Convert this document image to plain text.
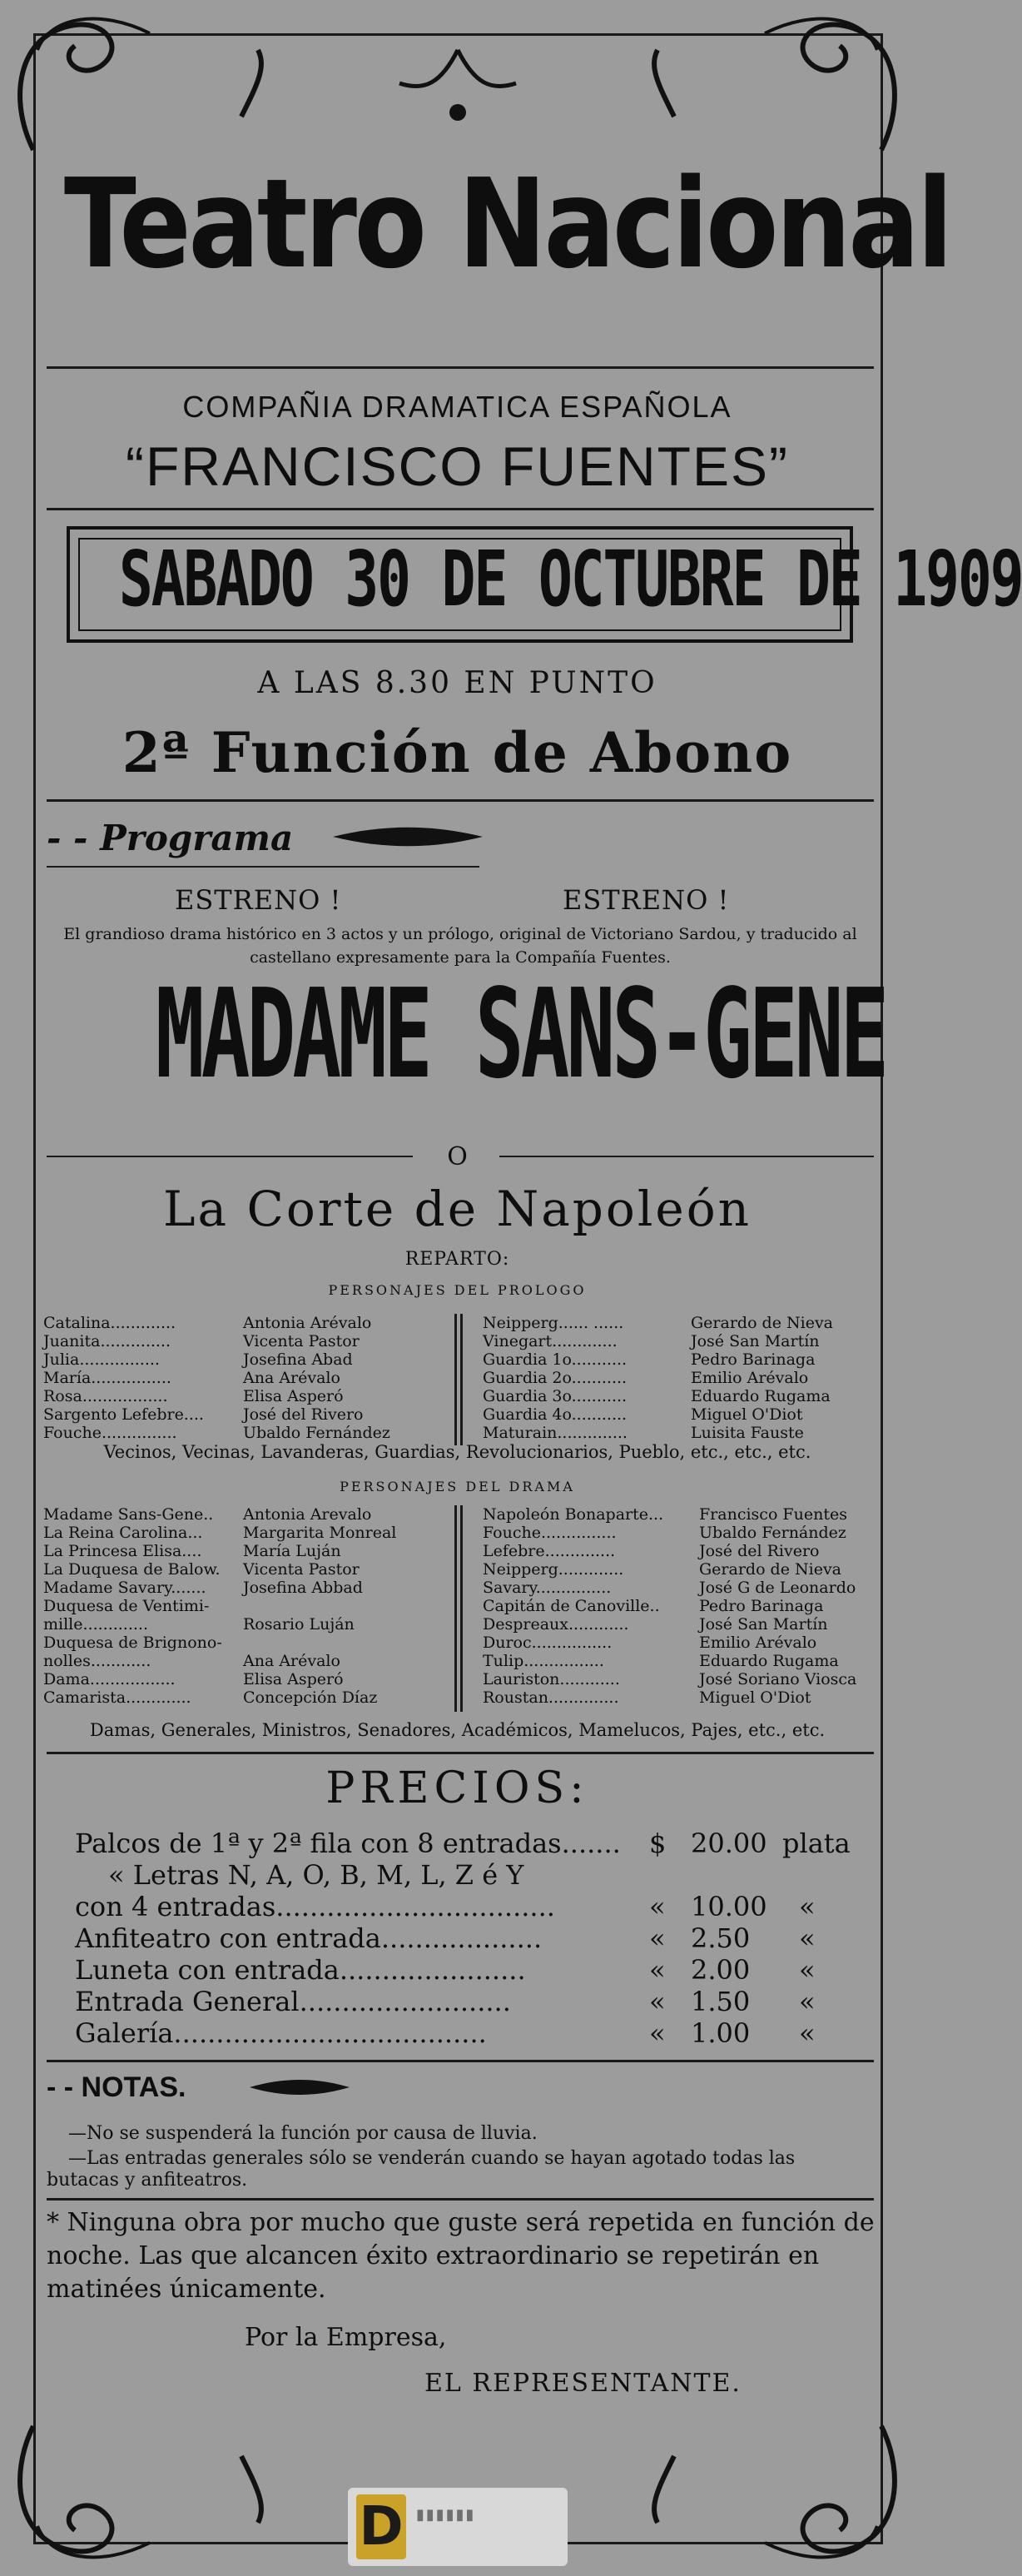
Teatro Nacional
COMPAÑIA DRAMATICA ESPAÑOLA
“FRANCISCO FUENTES”
SABADO 30 DE OCTUBRE DE 1909
A LAS 8.30 EN PUNTO
2ª Función de Abono
- - Programa
ESTRENO !	ESTRENO !
El grandioso drama histórico en 3 actos y un prólogo, original de Victoriano Sardou, y traducido al castellano expresamente para la Compañía Fuentes.
MADAME SANS-GENE
O
La Corte de Napoleón
REPARTO:
PERSONAJES DEL PROLOGO
Catalina.............	Antonia Arévalo
Juanita..............	Vicenta Pastor
Julia................	Josefina Abad
María................	Ana Arévalo
Rosa.................	Elisa Asperó
Sargento Lefebre....	José del Rivero
Fouche...............	Ubaldo Fernández
Neipperg...... ......	Gerardo de Nieva
Vinegart.............	José San Martín
Guardia 1o...........	Pedro Barinaga
Guardia 2o...........	Emilio Arévalo
Guardia 3o...........	Eduardo Rugama
Guardia 4o...........	Miguel O'Diot
Maturain..............	Luisita Fauste
Vecinos, Vecinas, Lavanderas, Guardias, Revolucionarios, Pueblo, etc., etc., etc.
PERSONAJES DEL DRAMA
Madame Sans-Gene..	Antonia Arevalo
La Reina Carolina...	Margarita Monreal
La Princesa Elisa....	María Luján
La Duquesa de Balow.	Vicenta Pastor
Madame Savary.......	Josefina Abbad
Duquesa de Ventimi-
mille.............	Rosario Luján
Duquesa de Brignono-
nolles............	Ana Arévalo
Dama.................	Elisa Asperó
Camarista.............	Concepción Díaz
Napoleón Bonaparte...	Francisco Fuentes
Fouche...............	Ubaldo Fernández
Lefebre..............	José del Rivero
Neipperg.............	Gerardo de Nieva
Savary...............	José G de Leonardo
Capitán de Canoville..	Pedro Barinaga
Despreaux............	José San Martín
Duroc................	Emilio Arévalo
Tulip................	Eduardo Rugama
Lauriston............	José Soriano Viosca
Roustan..............	Miguel O'Diot
Damas, Generales, Ministros, Senadores, Académicos, Mamelucos, Pajes, etc., etc.
PRECIOS:
Palcos de 1ª y 2ª fila con 8 entradas....... $ 20.00 plata
« Letras N, A, O, B, M, L, Z é Y
con 4 entradas.................................	« 10.00 «
Anfiteatro con entrada...................	« 2.50 «
Luneta con entrada......................	« 2.00 «
Entrada General.........................	« 1.50 «
Galería.....................................	« 1.00 «
- - NOTAS.
—No se suspenderá la función por causa de lluvia.
—Las entradas generales sólo se venderán cuando se hayan agotado todas las butacas y anfiteatros.
* Ninguna obra por mucho que guste será repetida en función de noche. Las que alcancen éxito extraordinario se repetirán en matinées únicamente.
Por la Empresa,
EL REPRESENTANTE.
D ▮▮▮▮▮▮
